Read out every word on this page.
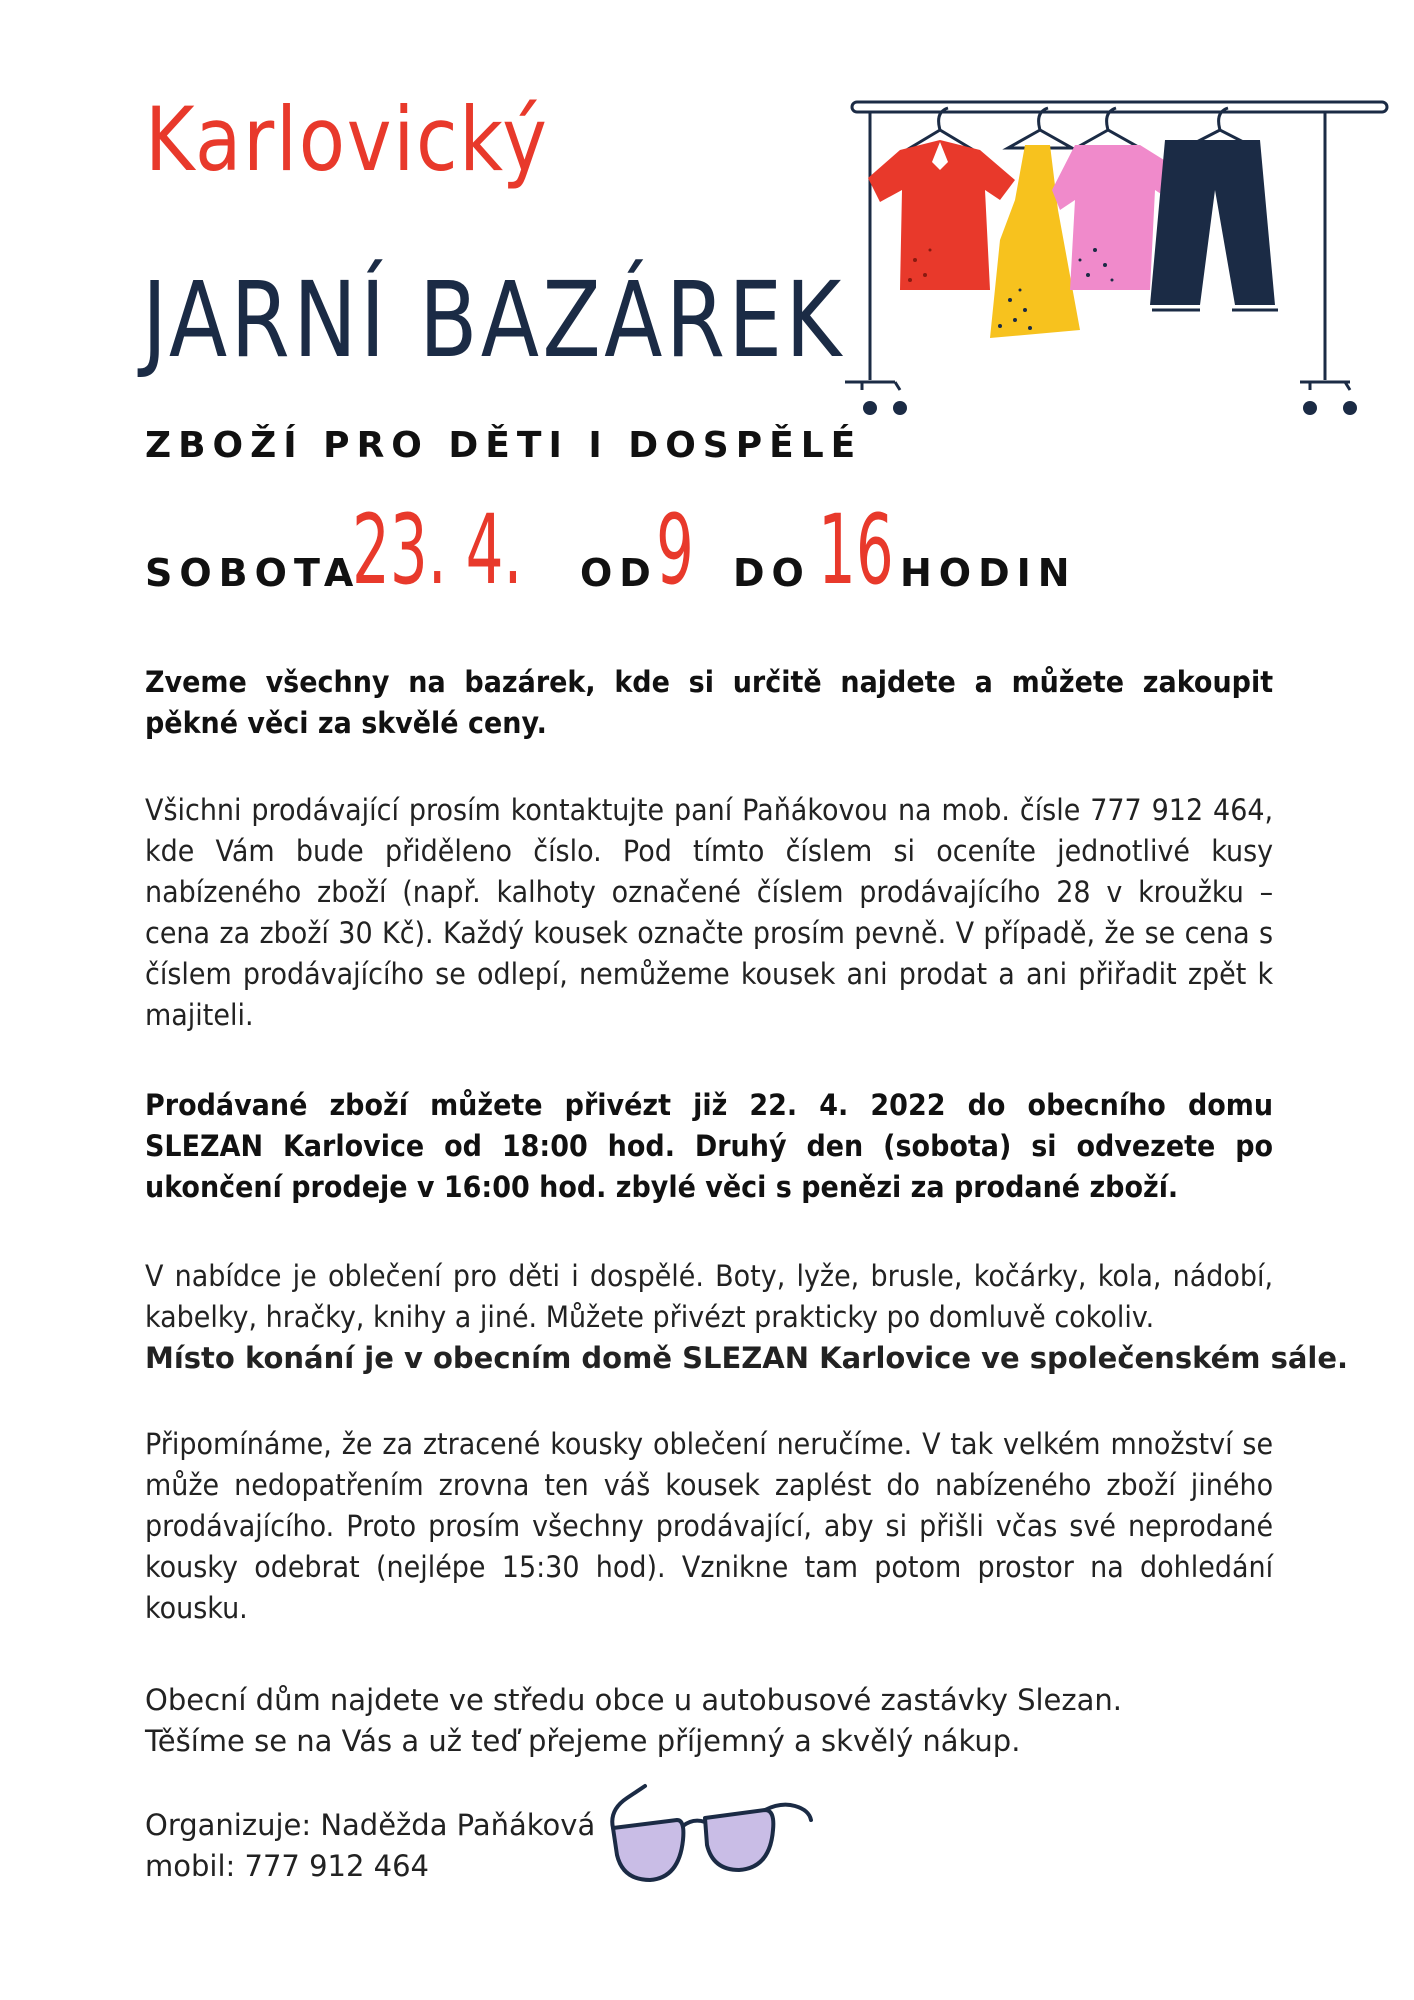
Karlovický
JARNÍ BAZÁREK
ZBOŽÍ PRO DĚTI I DOSPĚLÉ
SOBOTA
23. 4. OD
9 DO 16 HODIN
Zveme všechny na bazárek, kde si určitě najdete a můžete zakoupit pěkné věci za skvělé ceny.
Všichni prodávající prosím kontaktujte paní Paňákovou na mob. čísle 777 912 464, kde Vám bude přiděleno číslo. Pod tímto číslem si oceníte jednotlivé kusy nabízeného zboží (např. kalhoty označené číslem prodávajícího 28 v kroužku – cena za zboží 30 Kč). Každý kousek označte prosím pevně. V případě, že se cena s číslem prodávajícího se odlepí, nemůžeme kousek ani prodat a ani přiřadit zpět k majiteli.
Prodávané zboží můžete přivézt již 22. 4. 2022 do obecního domu SLEZAN Karlovice od 18:00 hod. Druhý den (sobota) si odvezete po ukončení prodeje v 16:00 hod. zbylé věci s penězi za prodané zboží.
V nabídce je oblečení pro děti i dospělé. Boty, lyže, brusle, kočárky, kola, nádobí, kabelky, hračky, knihy a jiné. Můžete přivézt prakticky po domluvě cokoliv.
Místo konání je v obecním domě SLEZAN Karlovice ve společenském sále.
Připomínáme, že za ztracené kousky oblečení neručíme. V tak velkém množství se může nedopatřením zrovna ten váš kousek zaplést do nabízeného zboží jiného prodávajícího. Proto prosím všechny prodávající, aby si přišli včas své neprodané kousky odebrat (nejlépe 15:30 hod). Vznikne tam potom prostor na dohledání kousku.
Obecní dům najdete ve středu obce u autobusové zastávky Slezan.
Těšíme se na Vás a už teď přejeme příjemný a skvělý nákup.
Organizuje: Naděžda Paňáková
mobil: 777 912 464
